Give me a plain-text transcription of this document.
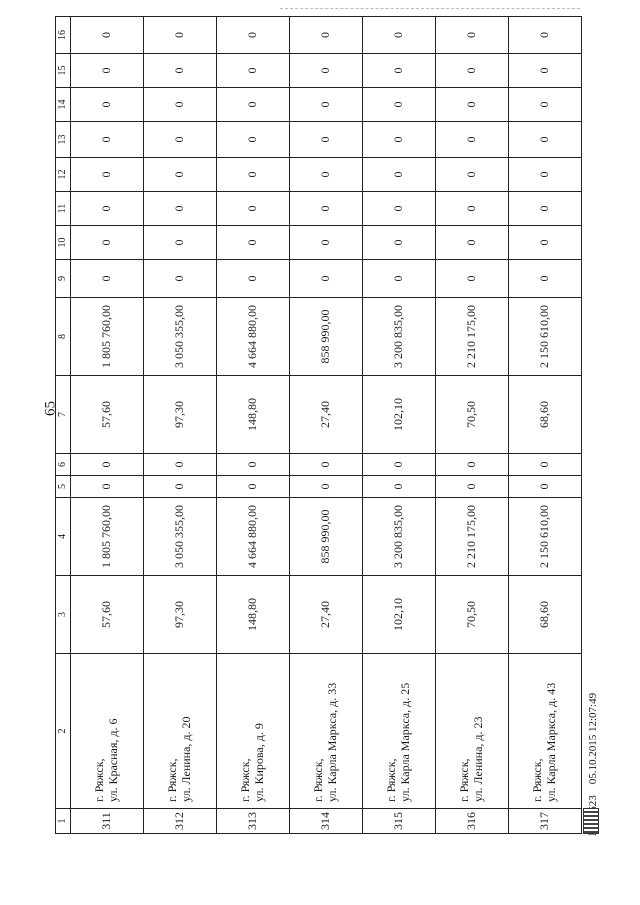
65
1	2	3	4	5	6	7	8	9	10	11	12	13	14	15	16
311	г. Ряжск, ул. Красная, д. 6	57,60	1 805 760,00	0	0	57,60	1 805 760,00	0	0	0	0	0	0	0	0
312	г. Ряжск, ул. Ленина, д. 20	97,30	3 050 355,00	0	0	97,30	3 050 355,00	0	0	0	0	0	0	0	0
313	г. Ряжск, ул. Кирова, д. 9	148,80	4 664 880,00	0	0	148,80	4 664 880,00	0	0	0	0	0	0	0	0
314	г. Ряжск, ул. Карла Маркса, д. 33	27,40	858 990,00	0	0	27,40	858 990,00	0	0	0	0	0	0	0	0
315	г. Ряжск, ул. Карла Маркса, д. 25	102,10	3 200 835,00	0	0	102,10	3 200 835,00	0	0	0	0	0	0	0	0
316	г. Ряжск, ул. Ленина, д. 23	70,50	2 210 175,00	0	0	70,50	2 210 175,00	0	0	0	0	0	0	0	0
317	г. Ряжск, ул. Карла Маркса, д. 43	68,60	2 150 610,00	0	0	68,60	2 150 610,00	0	0	0	0	0	0	0	0
05.10.2015 12:07:49
